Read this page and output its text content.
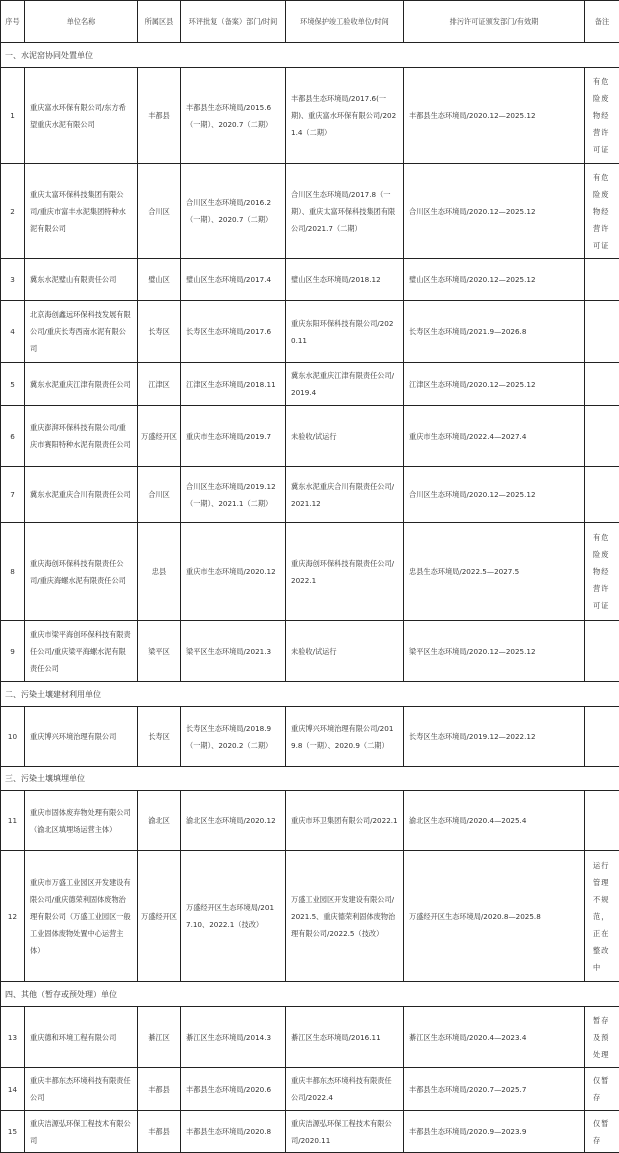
序号	单位名称	所属区县	环评批复（备案）部门/时间	环境保护竣工验收单位/时间	排污许可证颁发部门/有效期	备注
一、水泥窑协同处置单位						
1	重庆富水环保有限公司/东方希望重庆水泥有限公司	丰都县	丰都县生态环境局/2015.6（一期）、2020.7（二期）	丰都县生态环境局/2017.6(一期)、重庆富水环保有限公司/2021.4（二期）	丰都县生态环境局/2020.12—2025.12	有危险废物经营许可证
2	重庆太富环保科技集团有限公司/重庆市富丰水泥集团特种水泥有限公司	合川区	合川区生态环境局/2016.2（一期）、2020.7（二期）	合川区生态环境局/2017.8（一期）、重庆太富环保科技集团有限公司/2021.7（二期）	合川区生态环境局/2020.12—2025.12	有危险废物经营许可证
3	冀东水泥璧山有限责任公司	璧山区	璧山区生态环境局/2017.4	璧山区生态环境局/2018.12	璧山区生态环境局/2020.12—2025.12	
4	北京海创鑫远环保科技发展有限公司/重庆长寿西南水泥有限公司	长寿区	长寿区生态环境局/2017.6	重庆东阳环保科技有限公司/2020.11	长寿区生态环境局/2021.9—2026.8	
5	冀东水泥重庆江津有限责任公司	江津区	江津区生态环境局/2018.11	冀东水泥重庆江津有限责任公司/2019.4	江津区生态环境局/2020.12—2025.12	
6	重庆澎湃环保科技有限公司/重庆市赛阳特种水泥有限责任公司	万盛经开区	重庆市生态环境局/2019.7	未验收/试运行	重庆市生态环境局/2022.4—2027.4	
7	冀东水泥重庆合川有限责任公司	合川区	合川区生态环境局/2019.12（一期）、2021.1（二期）	冀东水泥重庆合川有限责任公司/2021.12	合川区生态环境局/2020.12—2025.12	
8	重庆海创环保科技有限责任公司/重庆海螺水泥有限责任公司	忠县	重庆市生态环境局/2020.12	重庆海创环保科技有限责任公司/2022.1	忠县生态环境局/2022.5—2027.5	有危险废物经营许可证
9	重庆市梁平海创环保科技有限责任公司/重庆梁平海螺水泥有限责任公司	梁平区	梁平区生态环境局/2021.3	未验收/试运行	梁平区生态环境局/2020.12—2025.12	
二、污染土壤建材利用单位						
10	重庆博兴环境治理有限公司	长寿区	长寿区生态环境局/2018.9（一期）、2020.2（二期）	重庆博兴环境治理有限公司/2019.8（一期）、2020.9（二期）	长寿区生态环境局/2019.12—2022.12	
三、污染土壤填埋单位						
11	重庆市固体废弃物处理有限公司（渝北区填埋场运营主体）	渝北区	渝北区生态环境局/2020.12	重庆市环卫集团有限公司/2022.1	渝北区生态环境局/2020.4—2025.4	
12	重庆市万盛工业园区开发建设有限公司/重庆德荣利固体废物治理有限公司（万盛工业园区一般工业固体废物处置中心运营主体）	万盛经开区	万盛经开区生态环境局/2017.10、2022.1（技改）	万盛工业园区开发建设有限公司/2021.5、重庆德荣利固体废物治理有限公司/2022.5（技改）	万盛经开区生态环境局/2020.8—2025.8	运行管理不规范，正在整改中
四、其他（暂存或预处理）单位						
13	重庆德和环境工程有限公司	綦江区	綦江区生态环境局/2014.3	綦江区生态环境局/2016.11	綦江区生态环境局/2020.4—2023.4	暂存及预处理
14	重庆丰都东杰环境科技有限责任公司	丰都县	丰都县生态环境局/2020.6	重庆丰都东杰环境科技有限责任公司/2022.4	丰都县生态环境局/2020.7—2025.7	仅暂存
15	重庆洁源弘环保工程技术有限公司	丰都县	丰都县生态环境局/2020.8	重庆洁源弘环保工程技术有限公司/2020.11	丰都县生态环境局/2020.9—2023.9	仅暂存
